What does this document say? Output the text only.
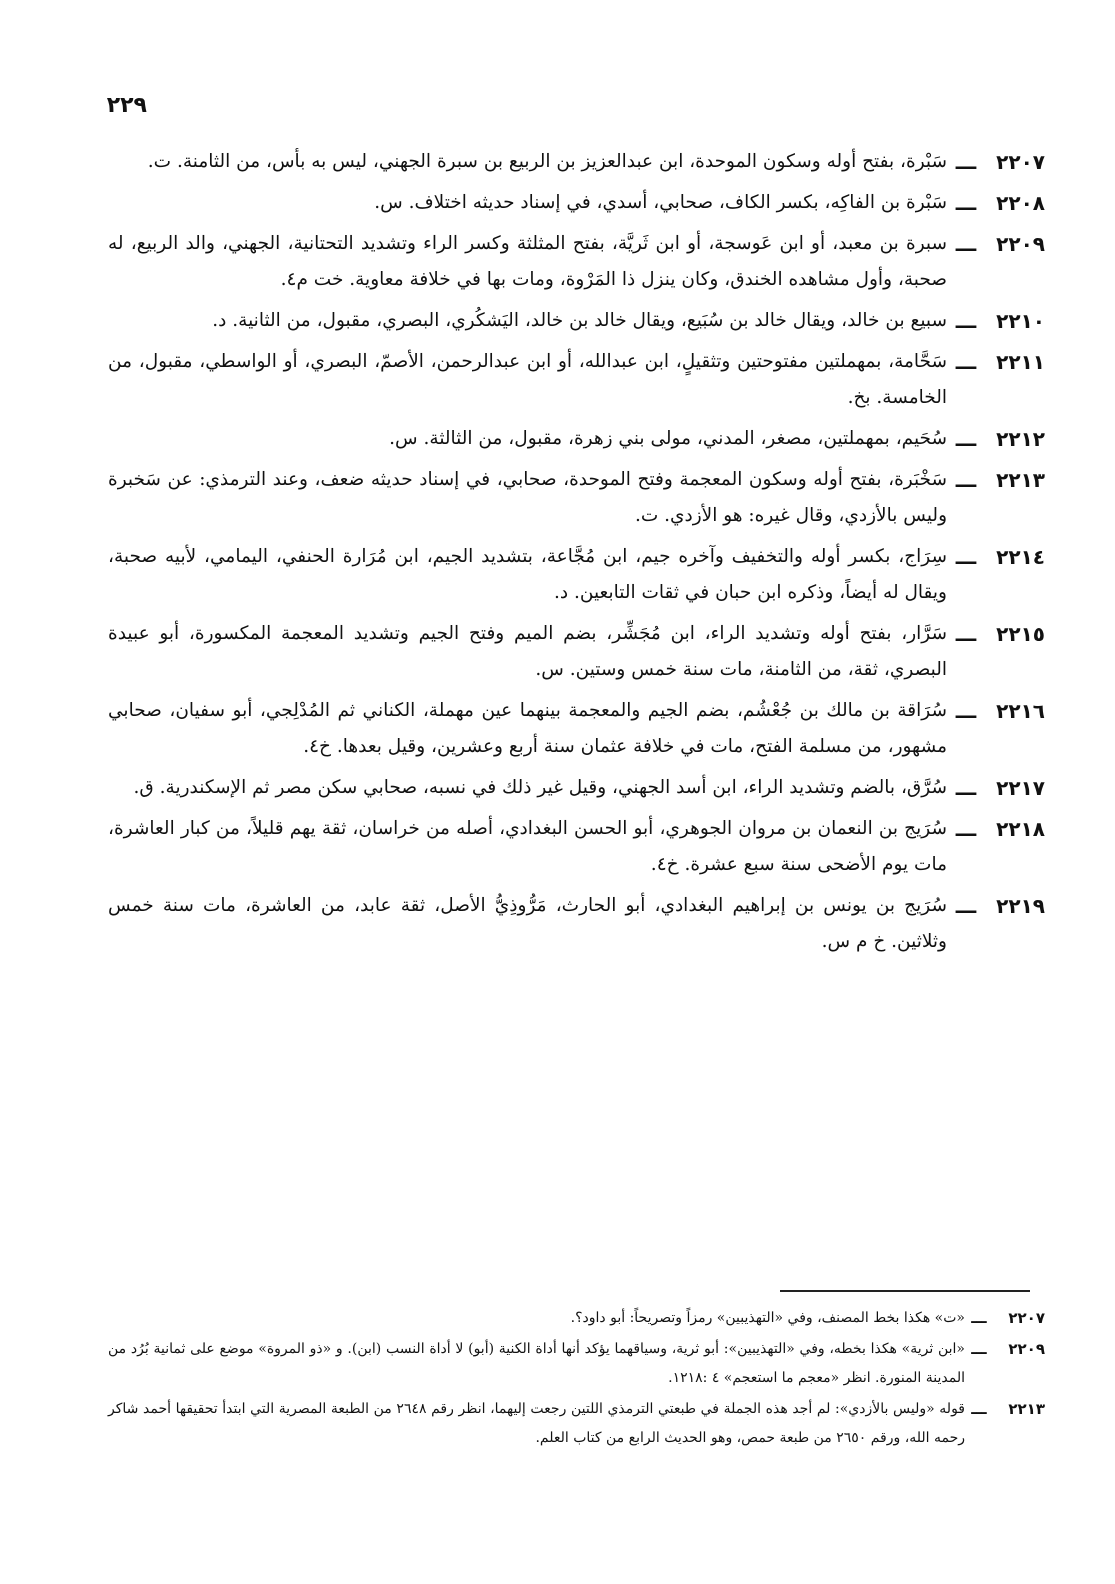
٢٢٩
٢٢٠٧
ـــ
سَبْرة، بفتح أوله وسكون الموحدة، ابن عبدالعزيز بن الربيع بن سبرة الجهني، ليس به بأس، من الثامنة. ت.
٢٢٠٨
ـــ
سَبْرة بن الفاكِه، بكسر الكاف، صحابي، أسدي، في إسناد حديثه اختلاف. س.
٢٢٠٩
ـــ
سبرة بن معبد، أو ابن عَوسجة، أو ابن ثَريَّة، بفتح المثلثة وكسر الراء وتشديد التحتانية، الجهني، والد الربيع، له صحبة، وأول مشاهده الخندق، وكان ينزل ذا المَرْوة، ومات بها في خلافة معاوية. خت م٤.
٢٢١٠
ـــ
سبيع بن خالد، ويقال خالد بن سُبَيع، ويقال خالد بن خالد، اليَشكُري، البصري، مقبول، من الثانية. د.
٢٢١١
ـــ
سَحَّامة، بمهملتين مفتوحتين وتثقيلٍ، ابن عبدالله، أو ابن عبدالرحمن، الأصمّ، البصري، أو الواسطي، مقبول، من الخامسة. بخ.
٢٢١٢
ـــ
سُحَيم، بمهملتين، مصغر، المدني، مولى بني زهرة، مقبول، من الثالثة. س.
٢٢١٣
ـــ
سَخْبَرة، بفتح أوله وسكون المعجمة وفتح الموحدة، صحابي، في إسناد حديثه ضعف، وعند الترمذي: عن سَخبرة وليس بالأزدي، وقال غيره: هو الأزدي. ت.
٢٢١٤
ـــ
سِرَاج، بكسر أوله والتخفيف وآخره جيم، ابن مُجَّاعة، بتشديد الجيم، ابن مُرَارة الحنفي، اليمامي، لأبيه صحبة، ويقال له أيضاً، وذكره ابن حبان في ثقات التابعين. د.
٢٢١٥
ـــ
سَرَّار، بفتح أوله وتشديد الراء، ابن مُجَشِّر، بضم الميم وفتح الجيم وتشديد المعجمة المكسورة، أبو عبيدة البصري، ثقة، من الثامنة، مات سنة خمس وستين. س.
٢٢١٦
ـــ
سُرَاقة بن مالك بن جُعْشُم، بضم الجيم والمعجمة بينهما عين مهملة، الكناني ثم المُدْلِجي، أبو سفيان، صحابي مشهور، من مسلمة الفتح، مات في خلافة عثمان سنة أربع وعشرين، وقيل بعدها. خ٤.
٢٢١٧
ـــ
سُرَّق، بالضم وتشديد الراء، ابن أسد الجهني، وقيل غير ذلك في نسبه، صحابي سكن مصر ثم الإسكندرية. ق.
٢٢١٨
ـــ
سُرَيج بن النعمان بن مروان الجوهري، أبو الحسن البغدادي، أصله من خراسان، ثقة يهم قليلاً، من كبار العاشرة، مات يوم الأضحى سنة سبع عشرة. خ٤.
٢٢١٩
ـــ
سُرَيج بن يونس بن إبراهيم البغدادي، أبو الحارث، مَرُّوذِيُّ الأصل، ثقة عابد، من العاشرة، مات سنة خمس وثلاثين. خ م س.
٢٢٠٧
ـــ
«ت» هكذا بخط المصنف، وفي «التهذيبين» رمزاً وتصريحاً: أبو داود؟.
٢٢٠٩
ـــ
«ابن ثرية» هكذا بخطه، وفي «التهذيبين»: أبو ثرية، وسياقهما يؤكد أنها أداة الكنية (أبو) لا أداة النسب (ابن). و «ذو المروة» موضع على ثمانية بُرُد من المدينة المنورة. انظر «معجم ما استعجم» ٤ :١٢١٨.
٢٢١٣
ـــ
قوله «وليس بالأزدي»: لم أجد هذه الجملة في طبعتي الترمذي اللتين رجعت إليهما، انظر رقم ٢٦٤٨ من الطبعة المصرية التي ابتدأ تحقيقها أحمد شاكر رحمه الله، ورقم ٢٦٥٠ من طبعة حمص، وهو الحديث الرابع من كتاب العلم.
